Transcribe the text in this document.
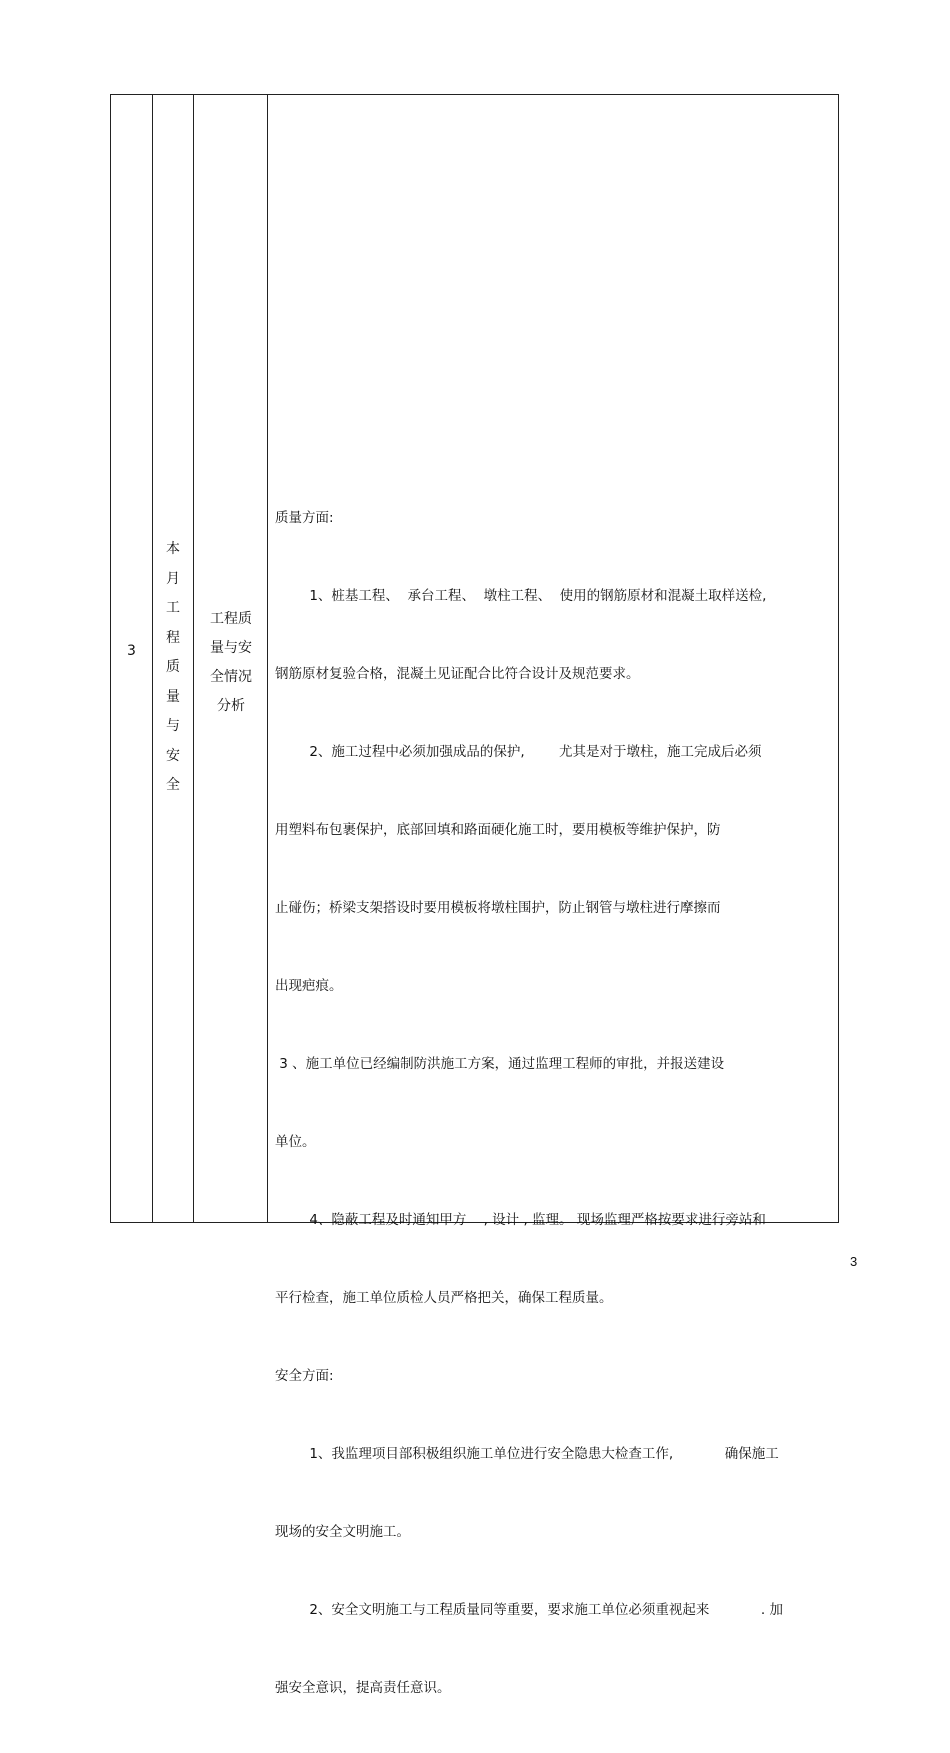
3
本
月
工
程
质
量
与
安
全
工程质
量与安
全情况
分析

质量方面:

1、桩基工程、  承台工程、  墩柱工程、  使用的钢筋原材和混凝土取样送检,

钢筋原材复验合格，混凝土见证配合比符合设计及规范要求。

2、施工过程中必须加强成品的保护,        尤其是对于墩柱，施工完成后必须

用塑料布包裹保护，底部回填和路面硬化施工时，要用模板等维护保护，防

止碰伤；桥梁支架搭设时要用模板将墩柱围护，防止钢管与墩柱进行摩擦而

出现疤痕。

3 、施工单位已经编制防洪施工方案，通过监理工程师的审批，并报送建设

单位。

4、隐蔽工程及时通知甲方    , 设计 , 监理。 现场监理严格按要求进行旁站和

平行检查，施工单位质检人员严格把关，确保工程质量。

安全方面:

1、我监理项目部积极组织施工单位进行安全隐患大检查工作,            确保施工

现场的安全文明施工。

2、安全文明施工与工程质量同等重要，要求施工单位必须重视起来            . 加

强安全意识，提高责任意识。

3
